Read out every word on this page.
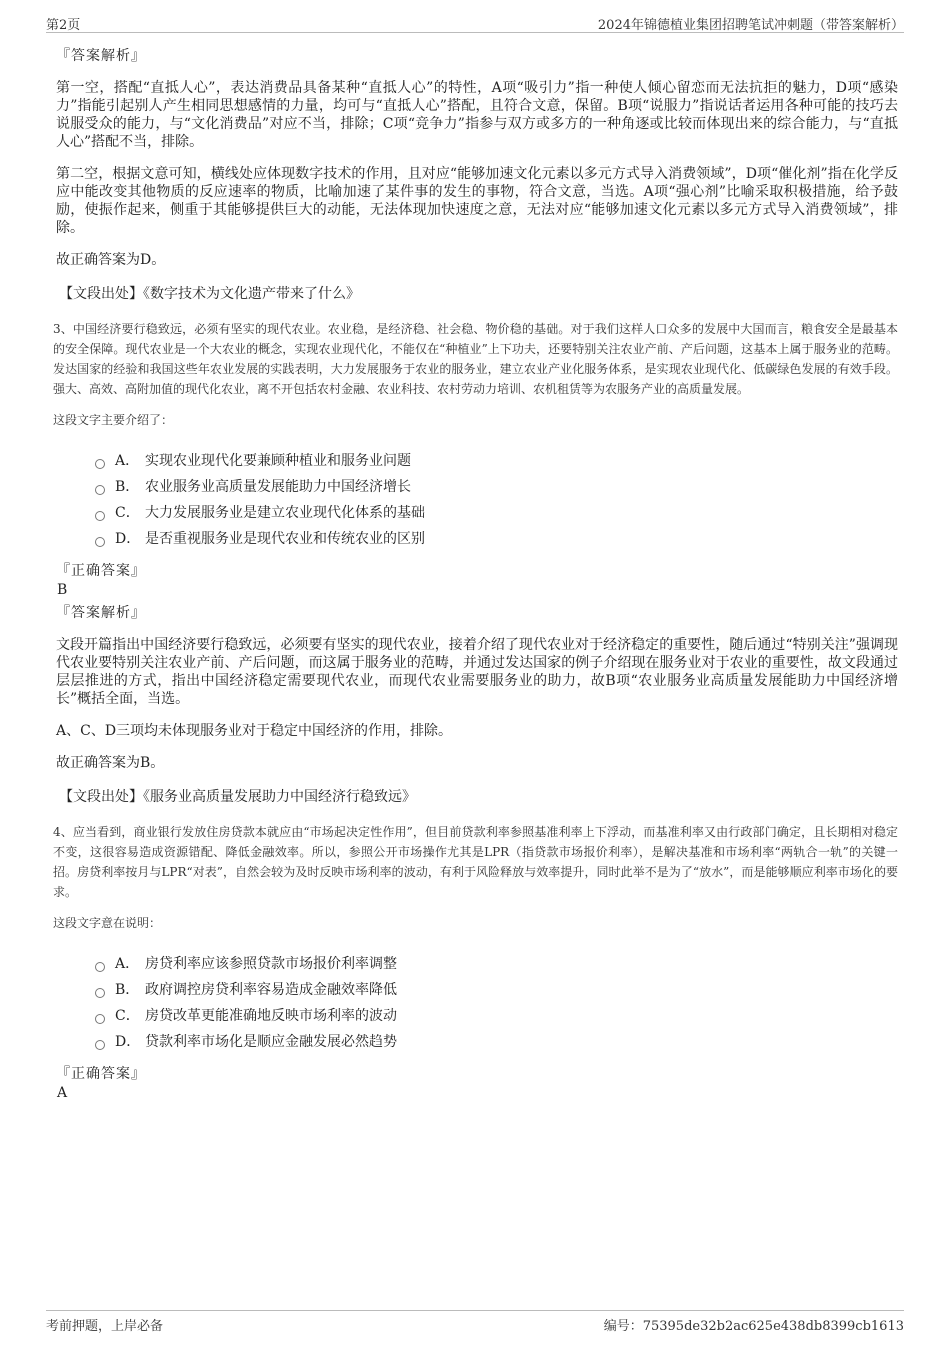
第2页	2024年锦德植业集团招聘笔试冲刺题（带答案解析）
『答案解析』

第一空，搭配“直抵人心”，表达消费品具备某种“直抵人心”的特性，A项“吸引力”指一种使人倾心留恋而无法抗拒的魅力，D项“感染力”指能引起别人产生相同思想感情的力量，均可与“直抵人心”搭配，且符合文意，保留。B项“说服力”指说话者运用各种可能的技巧去说服受众的能力，与“文化消费品”对应不当，排除；C项“竞争力”指参与双方或多方的一种角逐或比较而体现出来的综合能力，与“直抵人心”搭配不当，排除。

第二空，根据文意可知，横线处应体现数字技术的作用，且对应“能够加速文化元素以多元方式导入消费领域”，D项“催化剂”指在化学反应中能改变其他物质的反应速率的物质，比喻加速了某件事的发生的事物，符合文意，当选。A项“强心剂”比喻采取积极措施，给予鼓励，使振作起来，侧重于其能够提供巨大的动能，无法体现加快速度之意，无法对应“能够加速文化元素以多元方式导入消费领域”，排除。

故正确答案为D。

【文段出处】《数字技术为文化遗产带来了什么》

3、中国经济要行稳致远，必须有坚实的现代农业。农业稳，是经济稳、社会稳、物价稳的基础。对于我们这样人口众多的发展中大国而言，粮食安全是最基本的安全保障。现代农业是一个大农业的概念，实现农业现代化，不能仅在“种植业”上下功夫，还要特别关注农业产前、产后问题，这基本上属于服务业的范畴。发达国家的经验和我国这些年农业发展的实践表明，大力发展服务于农业的服务业，建立农业产业化服务体系，是实现农业现代化、低碳绿色发展的有效手段。强大、高效、高附加值的现代化农业，离不开包括农村金融、农业科技、农村劳动力培训、农机租赁等为农服务产业的高质量发展。

这段文字主要介绍了：

A． 实现农业现代化要兼顾种植业和服务业问题
B． 农业服务业高质量发展能助力中国经济增长
C． 大力发展服务业是建立农业现代化体系的基础
D． 是否重视服务业是现代农业和传统农业的区别
『正确答案』
B
『答案解析』

文段开篇指出中国经济要行稳致远，必须要有坚实的现代农业，接着介绍了现代农业对于经济稳定的重要性，随后通过“特别关注”强调现代农业要特别关注农业产前、产后问题，而这属于服务业的范畴，并通过发达国家的例子介绍现在服务业对于农业的重要性，故文段通过层层推进的方式，指出中国经济稳定需要现代农业，而现代农业需要服务业的助力，故B项“农业服务业高质量发展能助力中国经济增长”概括全面，当选。

A、C、D三项均未体现服务业对于稳定中国经济的作用，排除。

故正确答案为B。

【文段出处】《服务业高质量发展助力中国经济行稳致远》

4、应当看到，商业银行发放住房贷款本就应由“市场起决定性作用”，但目前贷款利率参照基准利率上下浮动，而基准利率又由行政部门确定，且长期相对稳定不变，这很容易造成资源错配、降低金融效率。所以，参照公开市场操作尤其是LPR（指贷款市场报价利率），是解决基准和市场利率“两轨合一轨”的关键一招。房贷利率按月与LPR“对表”，自然会较为及时反映市场利率的波动，有利于风险释放与效率提升，同时此举不是为了“放水”，而是能够顺应利率市场化的要求。

这段文字意在说明：

A． 房贷利率应该参照贷款市场报价利率调整
B． 政府调控房贷利率容易造成金融效率降低
C． 房贷改革更能准确地反映市场利率的波动
D． 贷款利率市场化是顺应金融发展必然趋势
『正确答案』
A
考前押题，上岸必备	编号：75395de32b2ac625e438db8399cb1613
